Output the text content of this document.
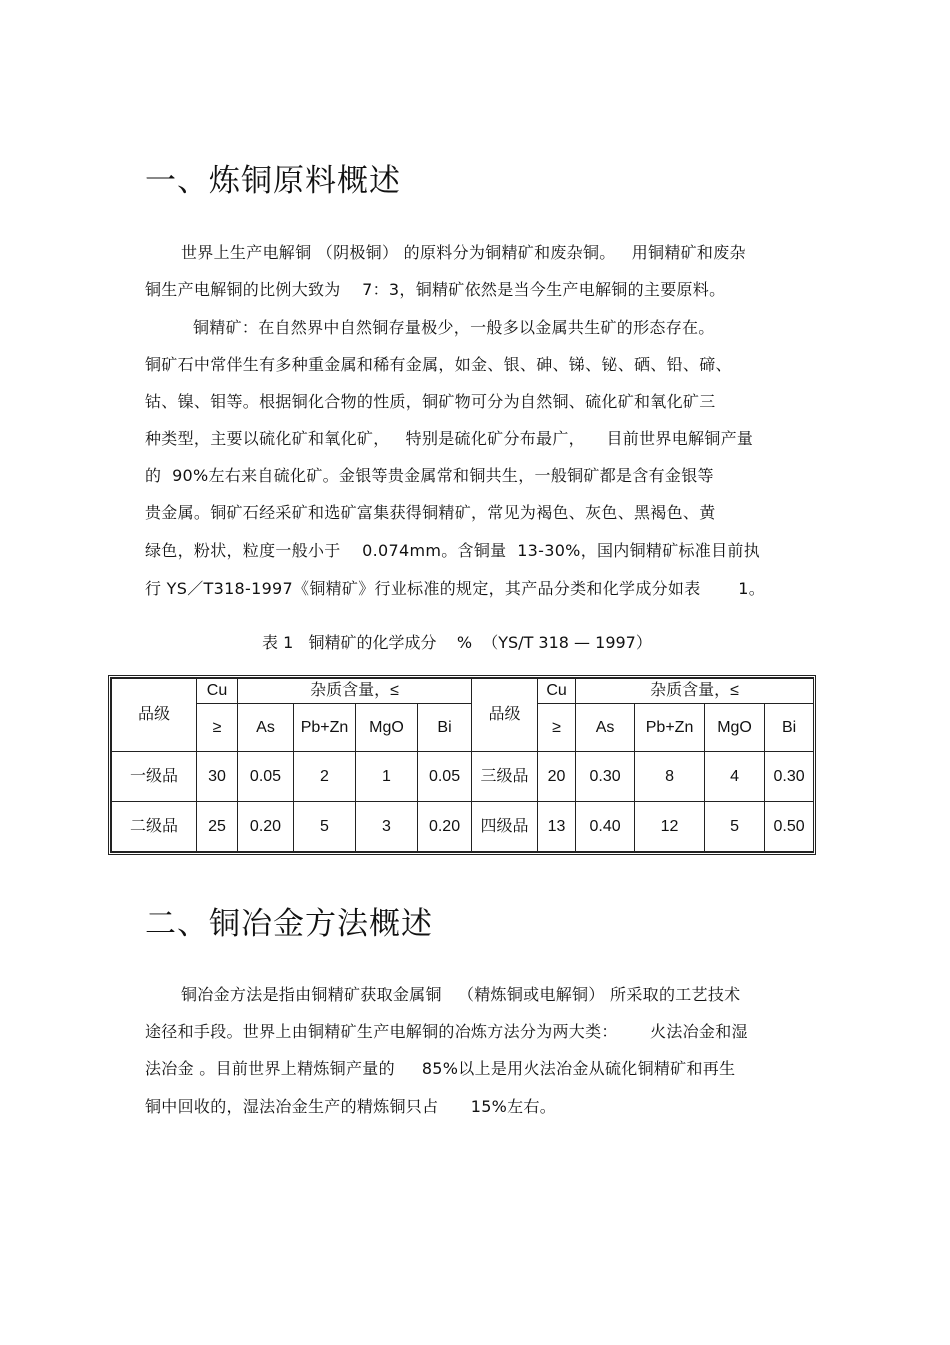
一、炼铜原料概述
世界上生产电解铜 （阴极铜） 的原料分为铜精矿和废杂铜。   用铜精矿和废杂
铜生产电解铜的比例大致为    7：3，铜精矿依然是当今生产电解铜的主要原料。
铜精矿：在自然界中自然铜存量极少，一般多以金属共生矿的形态存在。
铜矿石中常伴生有多种重金属和稀有金属，如金、银、砷、锑、铋、硒、铅、碲、
钴、镍、钼等。根据铜化合物的性质，铜矿物可分为自然铜、硫化矿和氧化矿三
种类型，主要以硫化矿和氧化矿，   特别是硫化矿分布最广，    目前世界电解铜产量
的  90%左右来自硫化矿。金银等贵金属常和铜共生，一般铜矿都是含有金银等
贵金属。铜矿石经采矿和选矿富集获得铜精矿，常见为褐色、灰色、黑褐色、黄
绿色，粉状，粒度一般小于    0.074mm。含铜量  13-30%，国内铜精矿标准目前执
行 YS／T318-1997《铜精矿》行业标准的规定，其产品分类和化学成分如表       1。
表 1   铜精矿的化学成分    %  （YS/T 318 — 1997）
品级	Cu	杂质含量，≤				品级	Cu	杂质含量，≤			
	≥	As	Pb+Zn	MgO	Bi		≥	As	Pb+Zn	MgO	Bi
一级品	30	0.05	2	1	0.05	三级品	20	0.30	8	4	0.30
二级品	25	0.20	5	3	0.20	四级品	13	0.40	12	5	0.50
二、铜冶金方法概述
铜冶金方法是指由铜精矿获取金属铜   （精炼铜或电解铜） 所采取的工艺技术
途径和手段。世界上由铜精矿生产电解铜的冶炼方法分为两大类：      火法冶金和湿
法冶金 。目前世界上精炼铜产量的     85%以上是用火法冶金从硫化铜精矿和再生
铜中回收的，湿法冶金生产的精炼铜只占      15%左右。
